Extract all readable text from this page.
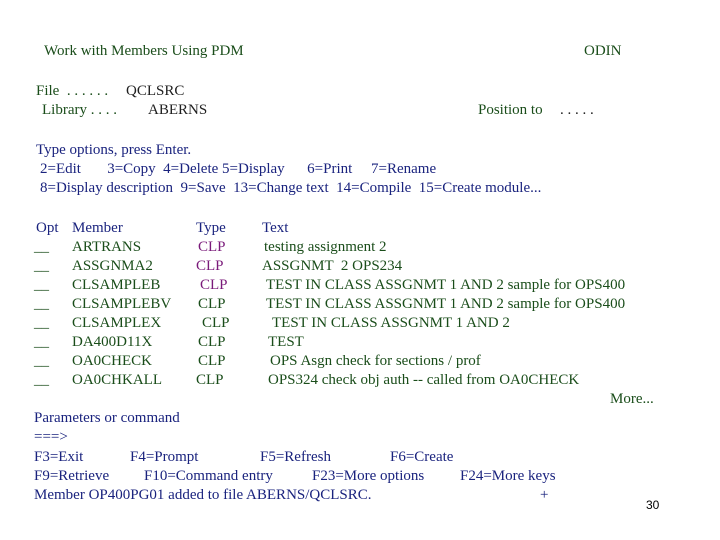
Work with Members Using PDM	ODIN
File  . . . . . . QCLSRC
Library . . . . ABERNS	Position to . . . . .
Type options, press Enter.
2=Edit       3=Copy  4=Delete 5=Display      6=Print     7=Rename
8=Display description  9=Save  13=Change text  14=Compile  15=Create module...
Opt Member	Type Text
__ ARTRANS	CLP	testing assignment 2
__ ASSGNMA2	CLP	ASSGNMT  2 OPS234
__ CLSAMPLEB	CLP	TEST IN CLASS ASSGNMT 1 AND 2 sample for OPS400
__ CLSAMPLEBV CLP	TEST IN CLASS ASSGNMT 1 AND 2 sample for OPS400
__ CLSAMPLEX	CLP	TEST IN CLASS ASSGNMT 1 AND 2
__ DA400D11X	CLP	TEST
__ OA0CHECK	CLP	OPS Asgn check for sections / prof
__ OA0CHKALL CLP	OPS324 check obj auth -- called from OA0CHECK
More...
Parameters or command
===>
F3=Exit	F4=Prompt	F5=Refresh	F6=Create
F9=Retrieve F10=Command entry	F23=More options F24=More keys
Member OP400PG01 added to file ABERNS/QCLSRC.	+
30
